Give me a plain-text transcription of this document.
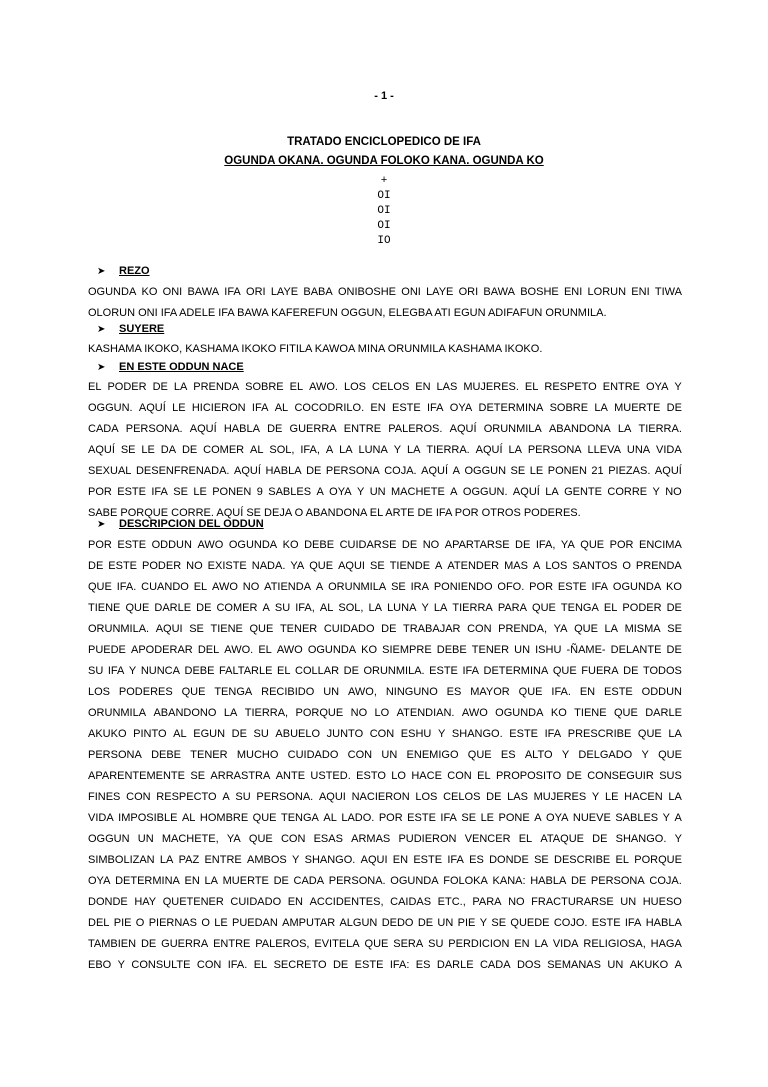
- 1 -
TRATADO ENCICLOPEDICO DE IFA
OGUNDA OKANA. OGUNDA FOLOKO KANA. OGUNDA KO
+
OI
OI
OI
IO
➤ REZO
OGUNDA KO ONI BAWA IFA ORI LAYE BABA ONIBOSHE ONI LAYE ORI BAWA BOSHE ENI LORUN ENI TIWA
OLORUN ONI IFA ADELE IFA BAWA KAFEREFUN OGGUN, ELEGBA ATI EGUN ADIFAFUN ORUNMILA.
➤ SUYERE
KASHAMA IKOKO, KASHAMA IKOKO FITILA KAWOA MINA ORUNMILA KASHAMA IKOKO.
➤ EN ESTE ODDUN NACE
EL PODER DE LA PRENDA SOBRE EL AWO. LOS CELOS EN LAS MUJERES. EL RESPETO ENTRE OYA Y
OGGUN. AQUÍ LE HICIERON IFA AL COCODRILO. EN ESTE IFA OYA DETERMINA SOBRE LA MUERTE DE
CADA PERSONA. AQUÍ HABLA DE GUERRA ENTRE PALEROS. AQUÍ ORUNMILA ABANDONA LA TIERRA.
AQUÍ SE LE DA DE COMER AL SOL, IFA, A LA LUNA Y LA TIERRA. AQUÍ LA PERSONA LLEVA UNA VIDA
SEXUAL DESENFRENADA. AQUÍ HABLA DE PERSONA COJA. AQUÍ A OGGUN SE LE PONEN 21 PIEZAS. AQUÍ
POR ESTE IFA SE LE PONEN 9 SABLES A OYA Y UN MACHETE A OGGUN. AQUÍ LA GENTE CORRE Y NO
SABE PORQUE CORRE. AQUÍ SE DEJA O ABANDONA EL ARTE DE IFA POR OTROS PODERES.
➤ DESCRIPCION DEL ODDUN
POR ESTE ODDUN AWO OGUNDA KO DEBE CUIDARSE DE NO APARTARSE DE IFA, YA QUE POR ENCIMA
DE ESTE PODER NO EXISTE NADA. YA QUE AQUI SE TIENDE A ATENDER MAS A LOS SANTOS O PRENDA
QUE IFA. CUANDO EL AWO NO ATIENDA A ORUNMILA SE IRA PONIENDO OFO. POR ESTE IFA OGUNDA KO
TIENE QUE DARLE DE COMER A SU IFA, AL SOL, LA LUNA Y LA TIERRA PARA QUE TENGA EL PODER DE
ORUNMILA. AQUI SE TIENE QUE TENER CUIDADO DE TRABAJAR CON PRENDA, YA QUE LA MISMA SE
PUEDE APODERAR DEL AWO. EL AWO OGUNDA KO SIEMPRE DEBE TENER UN ISHU -ÑAME- DELANTE DE
SU IFA Y NUNCA DEBE FALTARLE EL COLLAR DE ORUNMILA. ESTE IFA DETERMINA QUE FUERA DE TODOS
LOS PODERES QUE TENGA RECIBIDO UN AWO, NINGUNO ES MAYOR QUE IFA. EN ESTE ODDUN
ORUNMILA ABANDONO LA TIERRA, PORQUE NO LO ATENDIAN. AWO OGUNDA KO TIENE QUE DARLE
AKUKO PINTO AL EGUN DE SU ABUELO JUNTO CON ESHU Y SHANGO. ESTE IFA PRESCRIBE QUE LA
PERSONA DEBE TENER MUCHO CUIDADO CON UN ENEMIGO QUE ES ALTO Y DELGADO Y QUE
APARENTEMENTE SE ARRASTRA ANTE USTED. ESTO LO HACE CON EL PROPOSITO DE CONSEGUIR SUS
FINES CON RESPECTO A SU PERSONA. AQUI NACIERON LOS CELOS DE LAS MUJERES Y LE HACEN LA
VIDA IMPOSIBLE AL HOMBRE QUE TENGA AL LADO. POR ESTE IFA SE LE PONE A OYA NUEVE SABLES Y A
OGGUN UN MACHETE, YA QUE CON ESAS ARMAS PUDIERON VENCER EL ATAQUE DE SHANGO. Y
SIMBOLIZAN LA PAZ ENTRE AMBOS Y SHANGO. AQUI EN ESTE IFA ES DONDE SE DESCRIBE EL PORQUE
OYA DETERMINA EN LA MUERTE DE CADA PERSONA. OGUNDA FOLOKA KANA: HABLA DE PERSONA COJA.
DONDE HAY QUETENER CUIDADO EN ACCIDENTES, CAIDAS ETC., PARA NO FRACTURARSE UN HUESO
DEL PIE O PIERNAS O LE PUEDAN AMPUTAR ALGUN DEDO DE UN PIE Y SE QUEDE COJO. ESTE IFA HABLA
TAMBIEN DE GUERRA ENTRE PALEROS, EVITELA QUE SERA SU PERDICION EN LA VIDA RELIGIOSA, HAGA
EBO Y CONSULTE CON IFA. EL SECRETO DE ESTE IFA: ES DARLE CADA DOS SEMANAS UN AKUKO A
